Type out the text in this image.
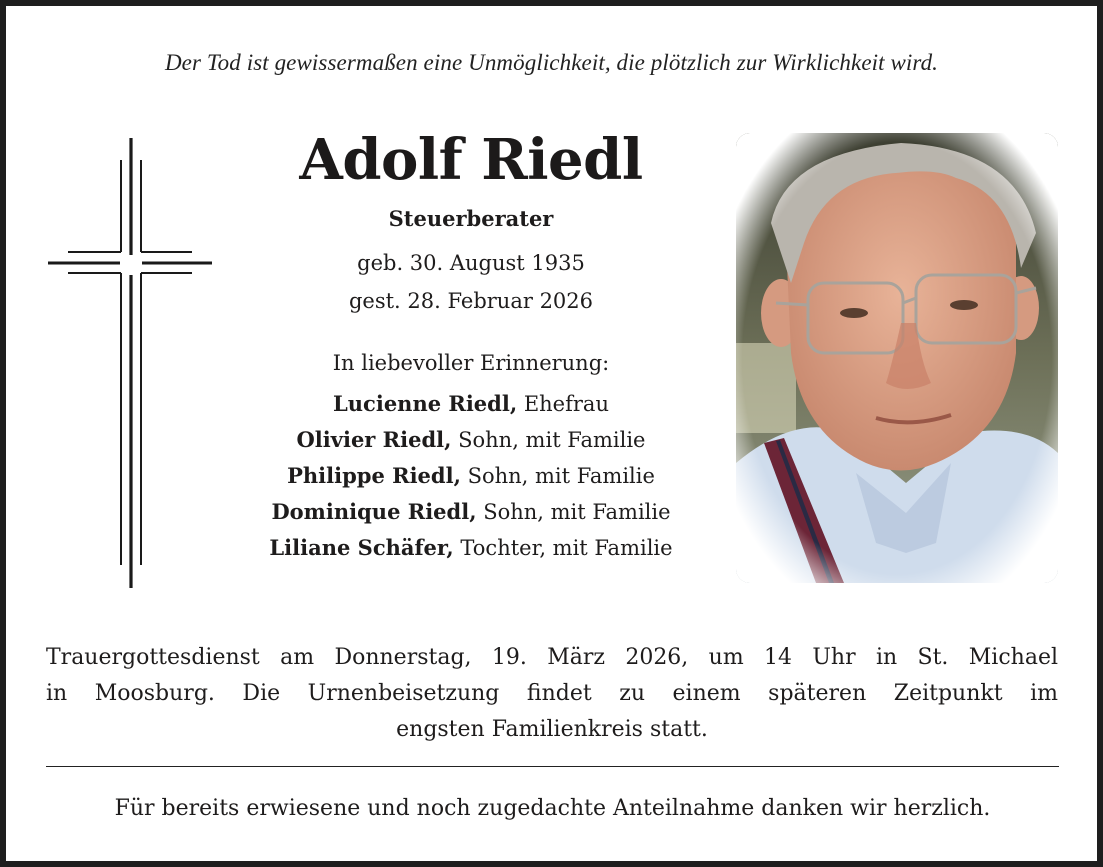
Der Tod ist gewissermaßen eine Unmöglichkeit, die plötzlich zur Wirklichkeit wird.
Adolf Riedl
Steuerberater
geb. 30. August 1935
gest. 28. Februar 2026
In liebevoller Erinnerung:
Lucienne Riedl, Ehefrau
Olivier Riedl, Sohn, mit Familie
Philippe Riedl, Sohn, mit Familie
Dominique Riedl, Sohn, mit Familie
Liliane Schäfer, Tochter, mit Familie
Trauergottesdienst am Donnerstag, 19. März 2026, um 14 Uhr in St. Michael
in Moosburg. Die Urnenbeisetzung findet zu einem späteren Zeitpunkt im
engsten Familienkreis statt.
Für bereits erwiesene und noch zugedachte Anteilnahme danken wir herzlich.
